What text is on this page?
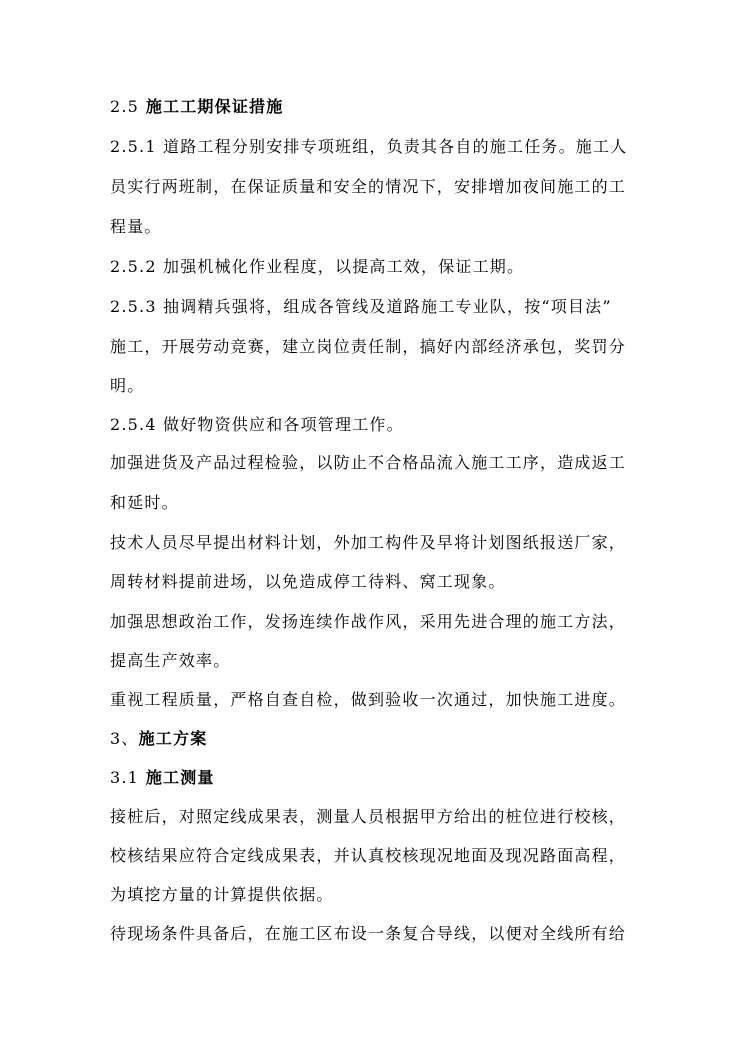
2.5 施工工期保证措施
2.5.1 道路工程分别安排专项班组，负责其各自的施工任务。施工人
员实行两班制，在保证质量和安全的情况下，安排增加夜间施工的工
程量。
2.5.2 加强机械化作业程度，以提高工效，保证工期。
2.5.3 抽调精兵强将，组成各管线及道路施工专业队，按“项目法”
施工，开展劳动竞赛，建立岗位责任制，搞好内部经济承包，奖罚分
明。
2.5.4 做好物资供应和各项管理工作。
加强进货及产品过程检验，以防止不合格品流入施工工序，造成返工
和延时。
技术人员尽早提出材料计划，外加工构件及早将计划图纸报送厂家，
周转材料提前进场，以免造成停工待料、窝工现象。
加强思想政治工作，发扬连续作战作风，采用先进合理的施工方法，
提高生产效率。
重视工程质量，严格自查自检，做到验收一次通过，加快施工进度。
3、施工方案
3.1 施工测量
接桩后，对照定线成果表，测量人员根据甲方给出的桩位进行校核，
校核结果应符合定线成果表，并认真校核现况地面及现况路面高程，
为填挖方量的计算提供依据。
待现场条件具备后，在施工区布设一条复合导线，以便对全线所有给
